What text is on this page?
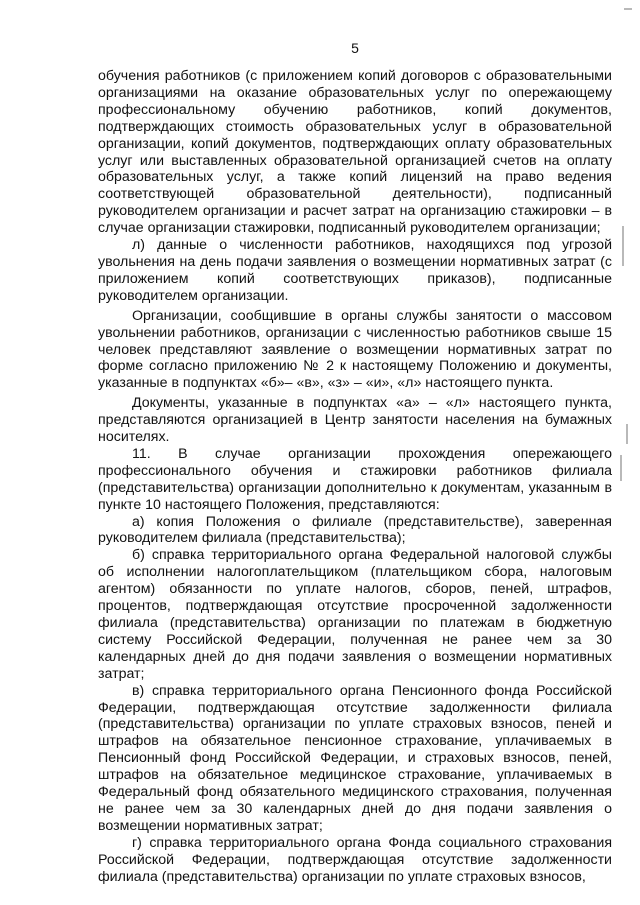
5

обучения работников (с приложением копий договоров с образовательными организациями на оказание образовательных услуг по опережающему профессиональному обучению работников, копий документов, подтверждающих стоимость образовательных услуг в образовательной организации, копий документов, подтверждающих оплату образовательных услуг или выставленных образовательной организацией счетов на оплату образовательных услуг, а также копий лицензий на право ведения соответствующей образовательной деятельности), подписанный руководителем организации и расчет затрат на организацию стажировки – в случае организации стажировки, подписанный руководителем организации;

л) данные о численности работников, находящихся под угрозой увольнения на день подачи заявления о возмещении нормативных затрат (с приложением копий соответствующих приказов), подписанные руководителем организации.

Организации, сообщившие в органы службы занятости о массовом увольнении работников, организации с численностью работников свыше 15 человек представляют заявление о возмещении нормативных затрат по форме согласно приложению № 2 к настоящему Положению и документы, указанные в подпунктах «б»– «в», «з» – «и», «л» настоящего пункта.

Документы, указанные в подпунктах «а» – «л» настоящего пункта, представляются организацией в Центр занятости населения на бумажных носителях.

11. В случае организации прохождения опережающего профессионального обучения и стажировки работников филиала (представительства) организации дополнительно к документам, указанным в пункте 10 настоящего Положения, представляются:

а) копия Положения о филиале (представительстве), заверенная руководителем филиала (представительства);

б) справка территориального органа Федеральной налоговой службы об исполнении налогоплательщиком (плательщиком сбора, налоговым агентом) обязанности по уплате налогов, сборов, пеней, штрафов, процентов, подтверждающая отсутствие просроченной задолженности филиала (представительства) организации по платежам в бюджетную систему Российской Федерации, полученная не ранее чем за 30 календарных дней до дня подачи заявления о возмещении нормативных затрат;

в) справка территориального органа Пенсионного фонда Российской Федерации, подтверждающая отсутствие задолженности филиала (представительства) организации по уплате страховых взносов, пеней и штрафов на обязательное пенсионное страхование, уплачиваемых в Пенсионный фонд Российской Федерации, и страховых взносов, пеней, штрафов на обязательное медицинское страхование, уплачиваемых в Федеральный фонд обязательного медицинского страхования, полученная не ранее чем за 30 календарных дней до дня подачи заявления о возмещении нормативных затрат;

г) справка территориального органа Фонда социального страхования Российской Федерации, подтверждающая отсутствие задолженности филиала (представительства) организации по уплате страховых взносов,
